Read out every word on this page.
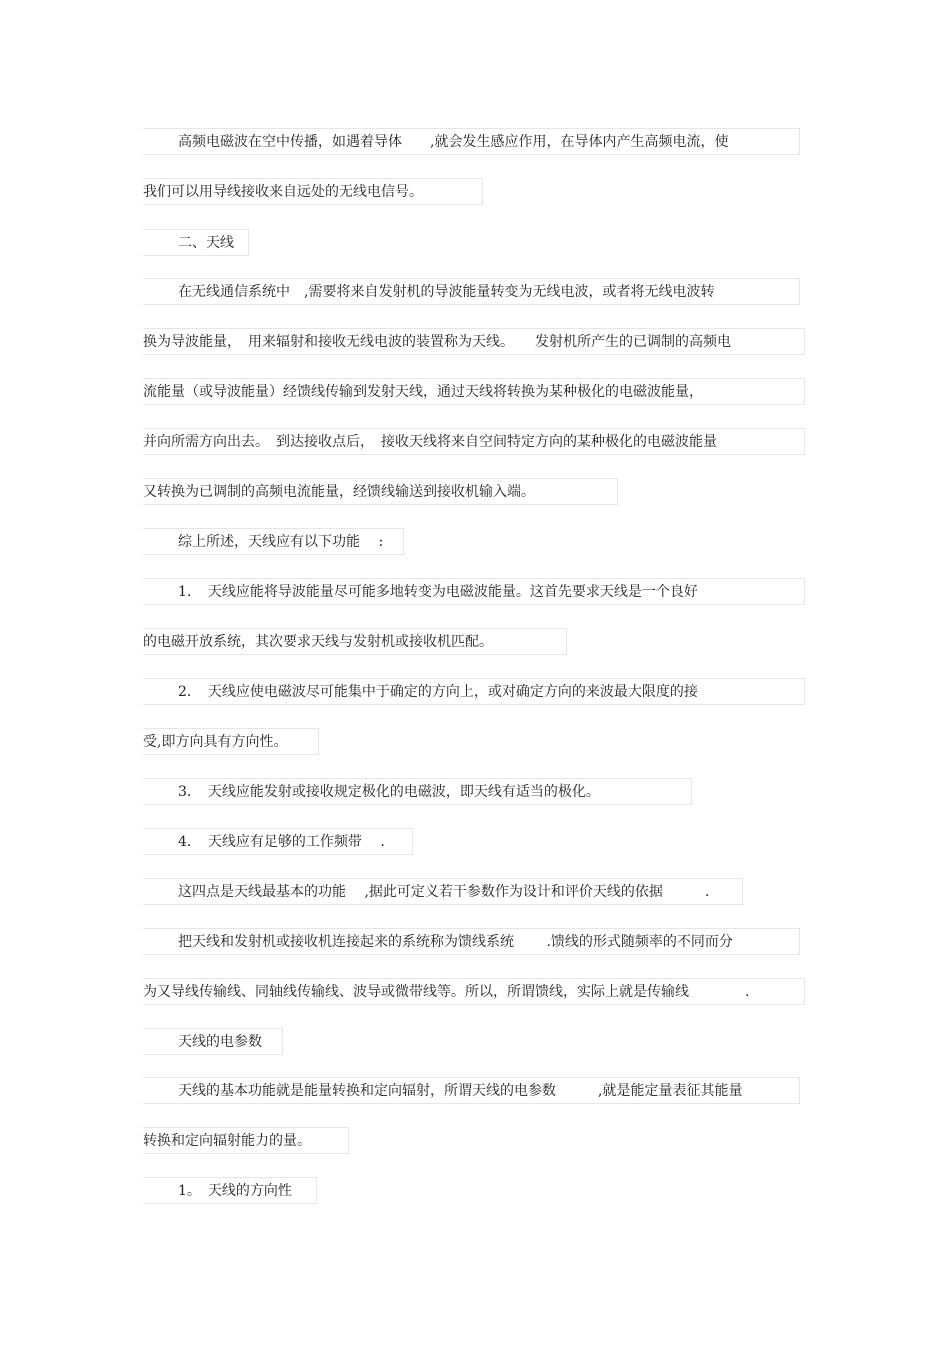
高频电磁波在空中传播，如遇着导体　　,就会发生感应作用，在导体内产生高频电流，使
我们可以用导线接收来自远处的无线电信号。
二、天线
在无线通信系统中　,需要将来自发射机的导波能量转变为无线电波，或者将无线电波转
换为导波能量，　用来辐射和接收无线电波的装置称为天线。　　发射机所产生的已调制的高频电
流能量（或导波能量）经馈线传输到发射天线，通过天线将转换为某种极化的电磁波能量，
并向所需方向出去。　到达接收点后，　接收天线将来自空间特定方向的某种极化的电磁波能量
又转换为已调制的高频电流能量，经馈线输送到接收机输入端。
综上所述，天线应有以下功能　 :
1．　天线应能将导波能量尽可能多地转变为电磁波能量。这首先要求天线是一个良好
的电磁开放系统，其次要求天线与发射机或接收机匹配。
2．　天线应使电磁波尽可能集中于确定的方向上，或对确定方向的来波最大限度的接
受,即方向具有方向性。
3．　天线应能发射或接收规定极化的电磁波，即天线有适当的极化。
4．　天线应有足够的工作频带　 .
这四点是天线最基本的功能　 ,据此可定义若干参数作为设计和评价天线的依据　　　.
把天线和发射机或接收机连接起来的系统称为馈线系统　　 .馈线的形式随频率的不同而分
为又导线传输线、同轴线传输线、波导或微带线等。所以，所谓馈线，实际上就是传输线　　　　.
天线的电参数
天线的基本功能就是能量转换和定向辐射，所谓天线的电参数　　　,就是能定量表征其能量
转换和定向辐射能力的量。
1。　天线的方向性
